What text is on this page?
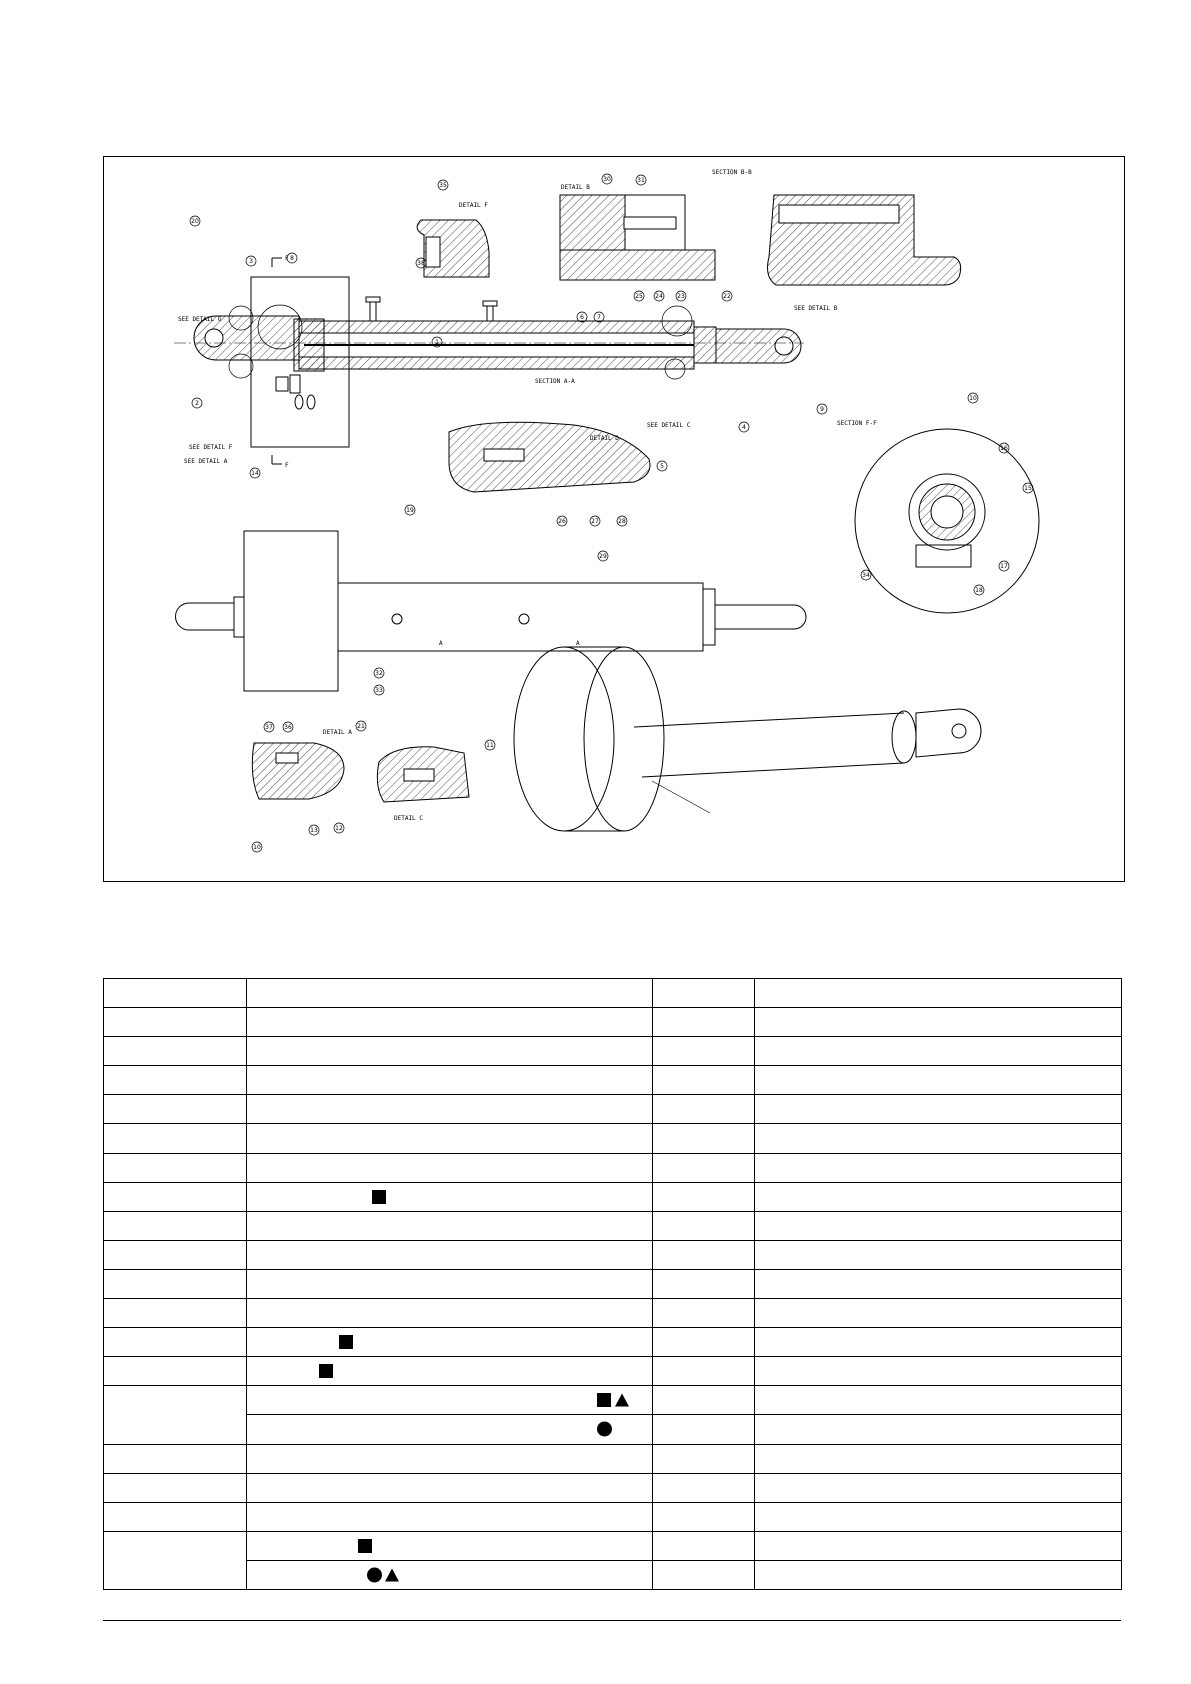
F
F
SEE DETAIL G
SEE DETAIL F
SEE DETAIL A
SEE DETAIL B
SEE DETAIL C
SECTION A-A
DETAIL F
DETAIL B
SECTION B-B
DETAIL D
SECTION F-F
A	A
DETAIL A
DETAIL C
1
2
3
4
5
6 7
8
9
10
10
11
12
13
14
15
16
17
18
19
20
21
22
23
24
25
26	27	28
29
30	31
32
33
34
35
36
37
38
